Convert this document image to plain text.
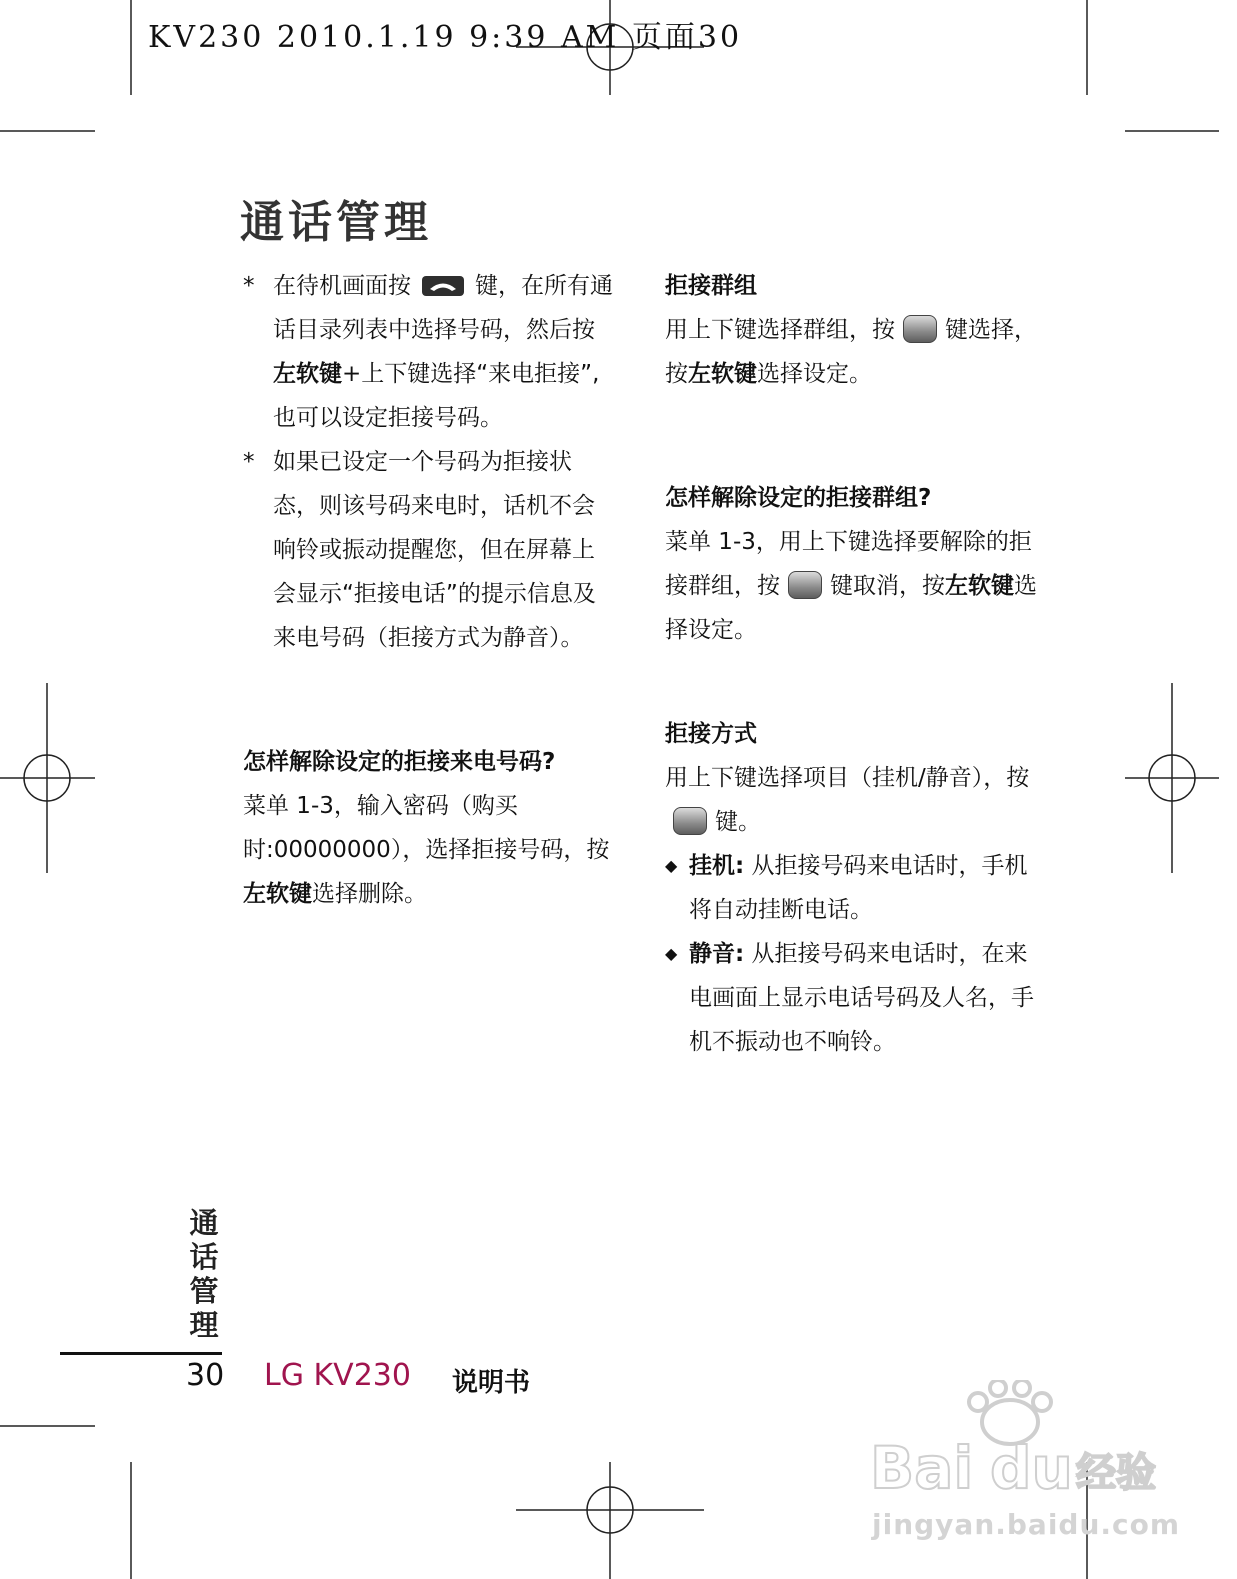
KV230 2010.1.19 9:39 AM 页面30
通话管理
* 在待机画面按	键，在所有通话目录列表中选择号码，然后按左软键+上下键选择“来电拒接”,也可以设定拒接号码。
* 如果已设定一个号码为拒接状态，则该号码来电时，话机不会响铃或振动提醒您，但在屏幕上会显示“拒接电话”的提示信息及来电号码（拒接方式为静音）。
怎样解除设定的拒接来电号码?

菜单 1-3，输入密码（购买时:00000000），选择拒接号码，按左软键选择删除。

拒接群组

用上下键选择群组，按 键选择，按左软键选择设定。

怎样解除设定的拒接群组?

菜单 1-3，用上下键选择要解除的拒接群组，按 键取消，按左软键选择设定。

拒接方式

用上下键选择项目（挂机/静音），按键。

◆ 挂机: 从拒接号码来电话时，手机将自动挂断电话。
◆ 静音: 从拒接号码来电话时，在来电画面上显示电话号码及人名，手机不振动也不响铃。
通话管理
30 LG KV230 说明书
Bai du 经验
jingyan.baidu.com
